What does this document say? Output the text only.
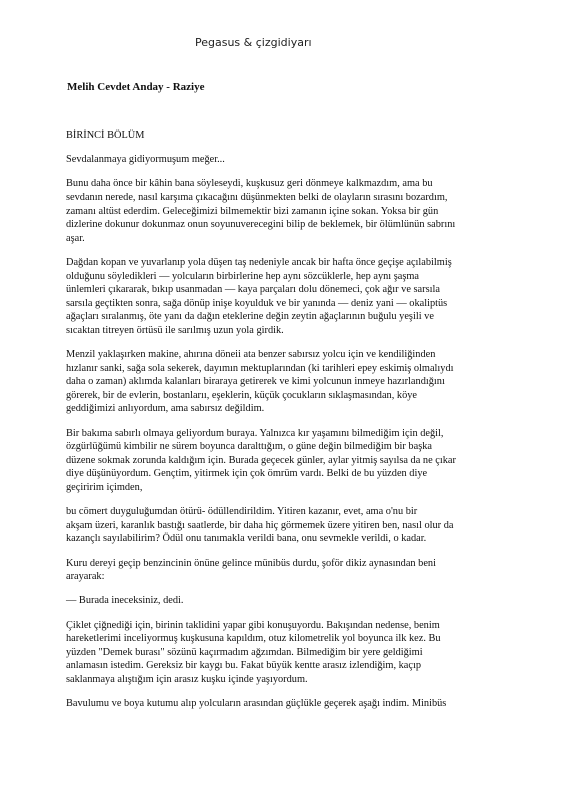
Pegasus & çizgidiyarı
Melih Cevdet Anday - Raziye

BİRİNCİ BÖLÜM

Sevdalanmaya gidiyormuşum meğer...

Bunu daha önce bir kâhin bana söyleseydi, kuşkusuz geri dönmeye kalkmazdım, ama bu
sevdanın nerede, nasıl karşıma çıkacağını düşünmekten belki de olayların sırasını bozardım,
zamanı altüst ederdim. Geleceğimizi bilmemektir bizi zamanın içine sokan. Yoksa bir gün
dizlerine dokunur dokunmaz onun soyunuverecegini bilip de beklemek, bir ölümlünün sabrını
aşar.

Dağdan kopan ve yuvarlanıp yola düşen taş nedeniyle ancak bir hafta önce geçişe açılabilmiş
olduğunu söyledikleri — yolcuların birbirlerine hep aynı sözcüklerle, hep aynı şaşma
ünlemleri çıkararak, bıkıp usanmadan — kaya parçaları dolu dönemeci, çok ağır ve sarsıla
sarsıla geçtikten sonra, sağa dönüp inişe koyulduk ve bir yanında — deniz yani — okaliptüs
ağaçları sıralanmış, öte yanı da dağın eteklerine değin zeytin ağaçlarının buğulu yeşili ve
sıcaktan titreyen örtüsü ile sarılmış uzun yola girdik.

Menzil yaklaşırken makine, ahırına döneii ata benzer sabırsız yolcu için ve kendiliğinden
hızlanır sanki, sağa sola sekerek, dayımın mektuplarından (ki tarihleri epey eskimiş olmalıydı
daha o zaman) aklımda kalanları biraraya getirerek ve kimi yolcunun inmeye hazırlandığını
görerek, bir de evlerin, bostanlarıı, eşeklerin, küçük çocukların sıklaşmasından, köye
geddiğimizi anlıyordum, ama sabırsız değildim.

Bir bakıma sabırlı olmaya geliyordum buraya. Yalnızca kır yaşamını bilmediğim için değil,
özgürlüğümü kimbilir ne sürem boyunca daralttığım, o güne değin bilmediğim bir başka
düzene sokmak zorunda kaldığım için. Burada geçecek günler, aylar yitmiş sayılsa da ne çıkar
diye düşünüyordum. Gençtim, yitirmek için çok ömrüm vardı. Belki de bu yüzden diye
geçiririm içimden,

bu cömert duyguluğumdan ötürü- ödüllendirildim. Yitiren kazanır, evet, ama o'nu bir
akşam üzeri, karanlık bastığı saatlerde, bir daha hiç görmemek üzere yitiren ben, nasıl olur da
kazançlı sayılabilirim? Ödül onu tanımakla verildi bana, onu sevmekle verildi, o kadar.

Kuru dereyi geçip benzincinin önüne gelince münibüs durdu, şoför dikiz aynasından beni
arayarak:

— Burada ineceksiniz, dedi.

Çiklet çiğnediği için, birinin taklidini yapar gibi konuşuyordu. Bakışından nedense, benim
hareketlerimi inceliyormuş kuşkusuna kapıldım, otuz kilometrelik yol boyunca ilk kez. Bu
yüzden "Demek burası" sözünü kaçırmadım ağzımdan. Bilmediğim bir yere geldiğimi
anlamasın istedim. Gereksiz bir kaygı bu. Fakat büyük kentte arasız izlendiğim, kaçıp
saklanmaya alıştığım için arasız kuşku içinde yaşıyordum.

Bavulumu ve boya kutumu alıp yolcuların arasından güçlükle geçerek aşağı indim. Minibüs
